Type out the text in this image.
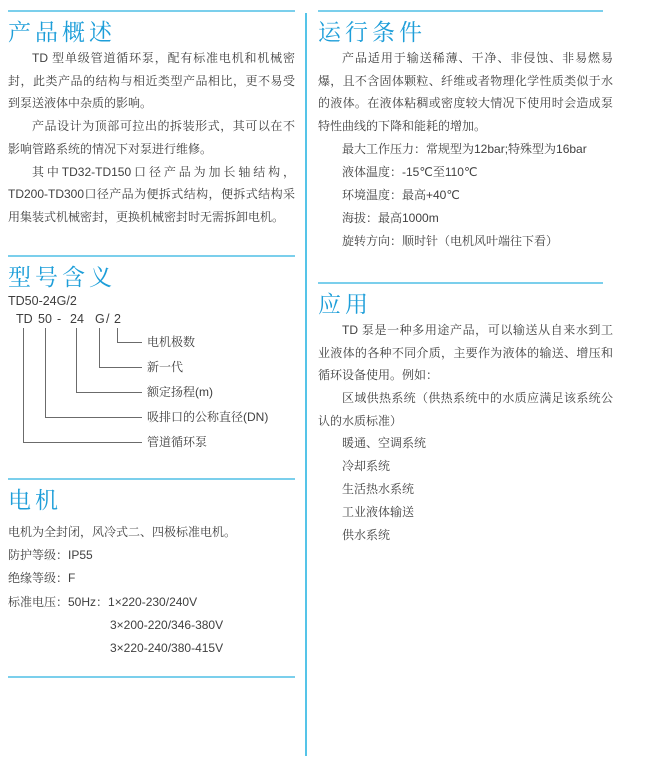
产品概述

TD 型单级管道循环泵，配有标准电机和机械密封，此类产品的结构与相近类型产品相比，更不易受到泵送液体中杂质的影响。

产品设计为顶部可拉出的拆装形式，其可以在不影响管路系统的情况下对泵进行维修。

其中TD32-TD150口径产品为加长轴结构，TD200-TD300口径产品为便拆式结构，便拆式结构采用集装式机械密封，更换机械密封时无需拆卸电机。

型号含义

TD50-24G/2

TD 50 - 24 G / 2
电机极数
新一代
额定扬程(m)
吸排口的公称直径(DN)
管道循环泵
电机

电机为全封闭，风冷式二、四极标准电机。

防护等级：IP55

绝缘等级：F

标准电压：50Hz：1×220-230/240V

3×200-220/346-380V

3×220-240/380-415V

运行条件

产品适用于输送稀薄、干净、非侵蚀、非易燃易爆，且不含固体颗粒、纤维或者物理化学性质类似于水的液体。在液体粘稠或密度较大情况下使用时会造成泵特性曲线的下降和能耗的增加。

最大工作压力：常规型为12bar;特殊型为16bar

液体温度：-15℃至110℃

环境温度：最高+40℃

海拔：最高1000m

旋转方向：顺时针（电机风叶端往下看）

应用

TD 泵是一种多用途产品，可以输送从自来水到工业液体的各种不同介质，主要作为液体的输送、增压和循环设备使用。例如：

区域供热系统（供热系统中的水质应满足该系统公认的水质标准）

暖通、空调系统

冷却系统

生活热水系统

工业液体输送

供水系统
